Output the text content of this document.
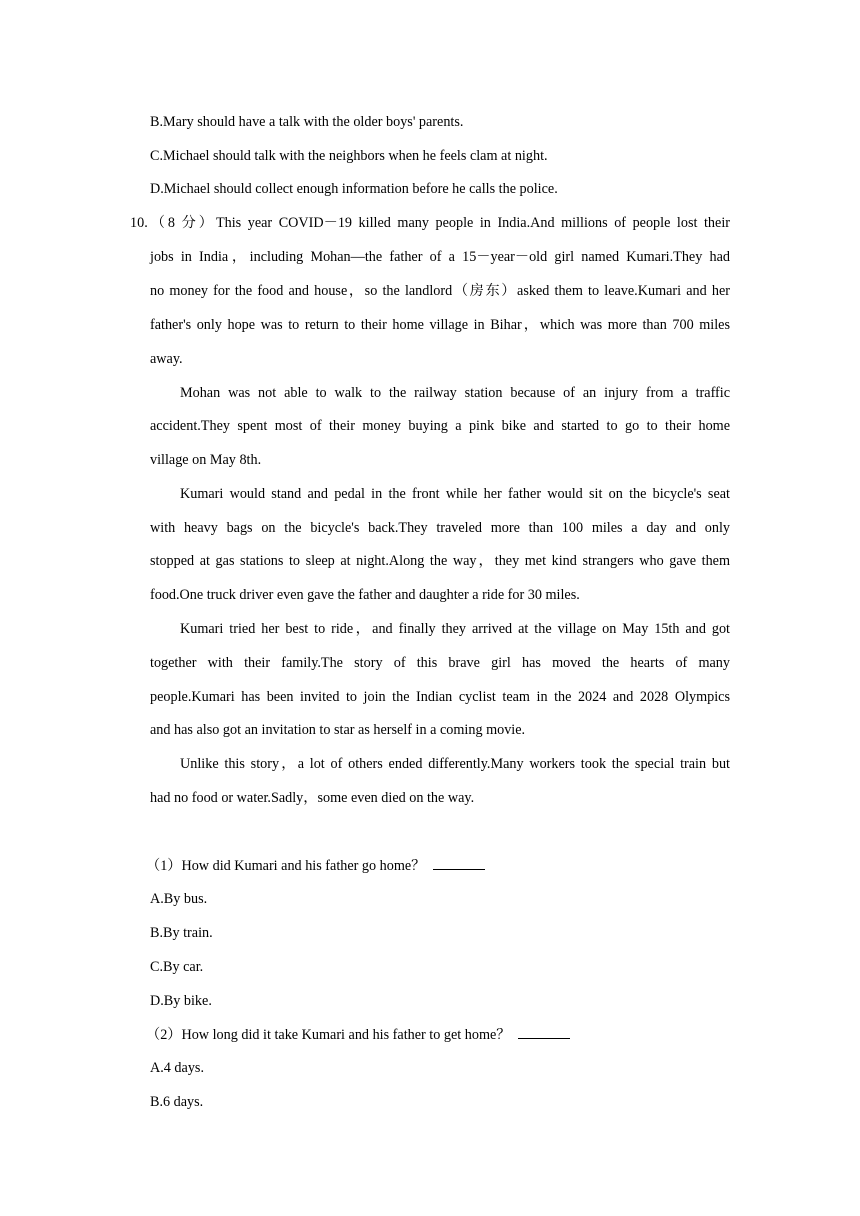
B.Mary should have a talk with the older boys' parents.
C.Michael should talk with the neighbors when he feels clam at night.
D.Michael should collect enough information before he calls the police.
10.（8 分）This year COVID－19 killed many people in India.And millions of people lost their
jobs in India，including Mohan—the father of a 15－year－old girl named Kumari.They had
no money for the food and house，so the landlord（房东）asked them to leave.Kumari and her
father's only hope was to return to their home village in Bihar，which was more than 700 miles
away.
Mohan was not able to walk to the railway station because of an injury from a traffic
accident.They spent most of their money buying a pink bike and started to go to their home
village on May 8th.
Kumari would stand and pedal in the front while her father would sit on the bicycle's seat
with heavy bags on the bicycle's back.They traveled more than 100 miles a day and only
stopped at gas stations to sleep at night.Along the way，they met kind strangers who gave them
food.One truck driver even gave the father and daughter a ride for 30 miles.
Kumari tried her best to ride，and finally they arrived at the village on May 15th and got
together with their family.The story of this brave girl has moved the hearts of many
people.Kumari has been invited to join the Indian cyclist team in the 2024 and 2028 Olympics
and has also got an invitation to star as herself in a coming movie.
Unlike this story，a lot of others ended differently.Many workers took the special train but
had no food or water.Sadly，some even died on the way.
（1）How did Kumari and his father go home？
A.By bus.
B.By train.
C.By car.
D.By bike.
（2）How long did it take Kumari and his father to get home？
A.4 days.
B.6 days.
